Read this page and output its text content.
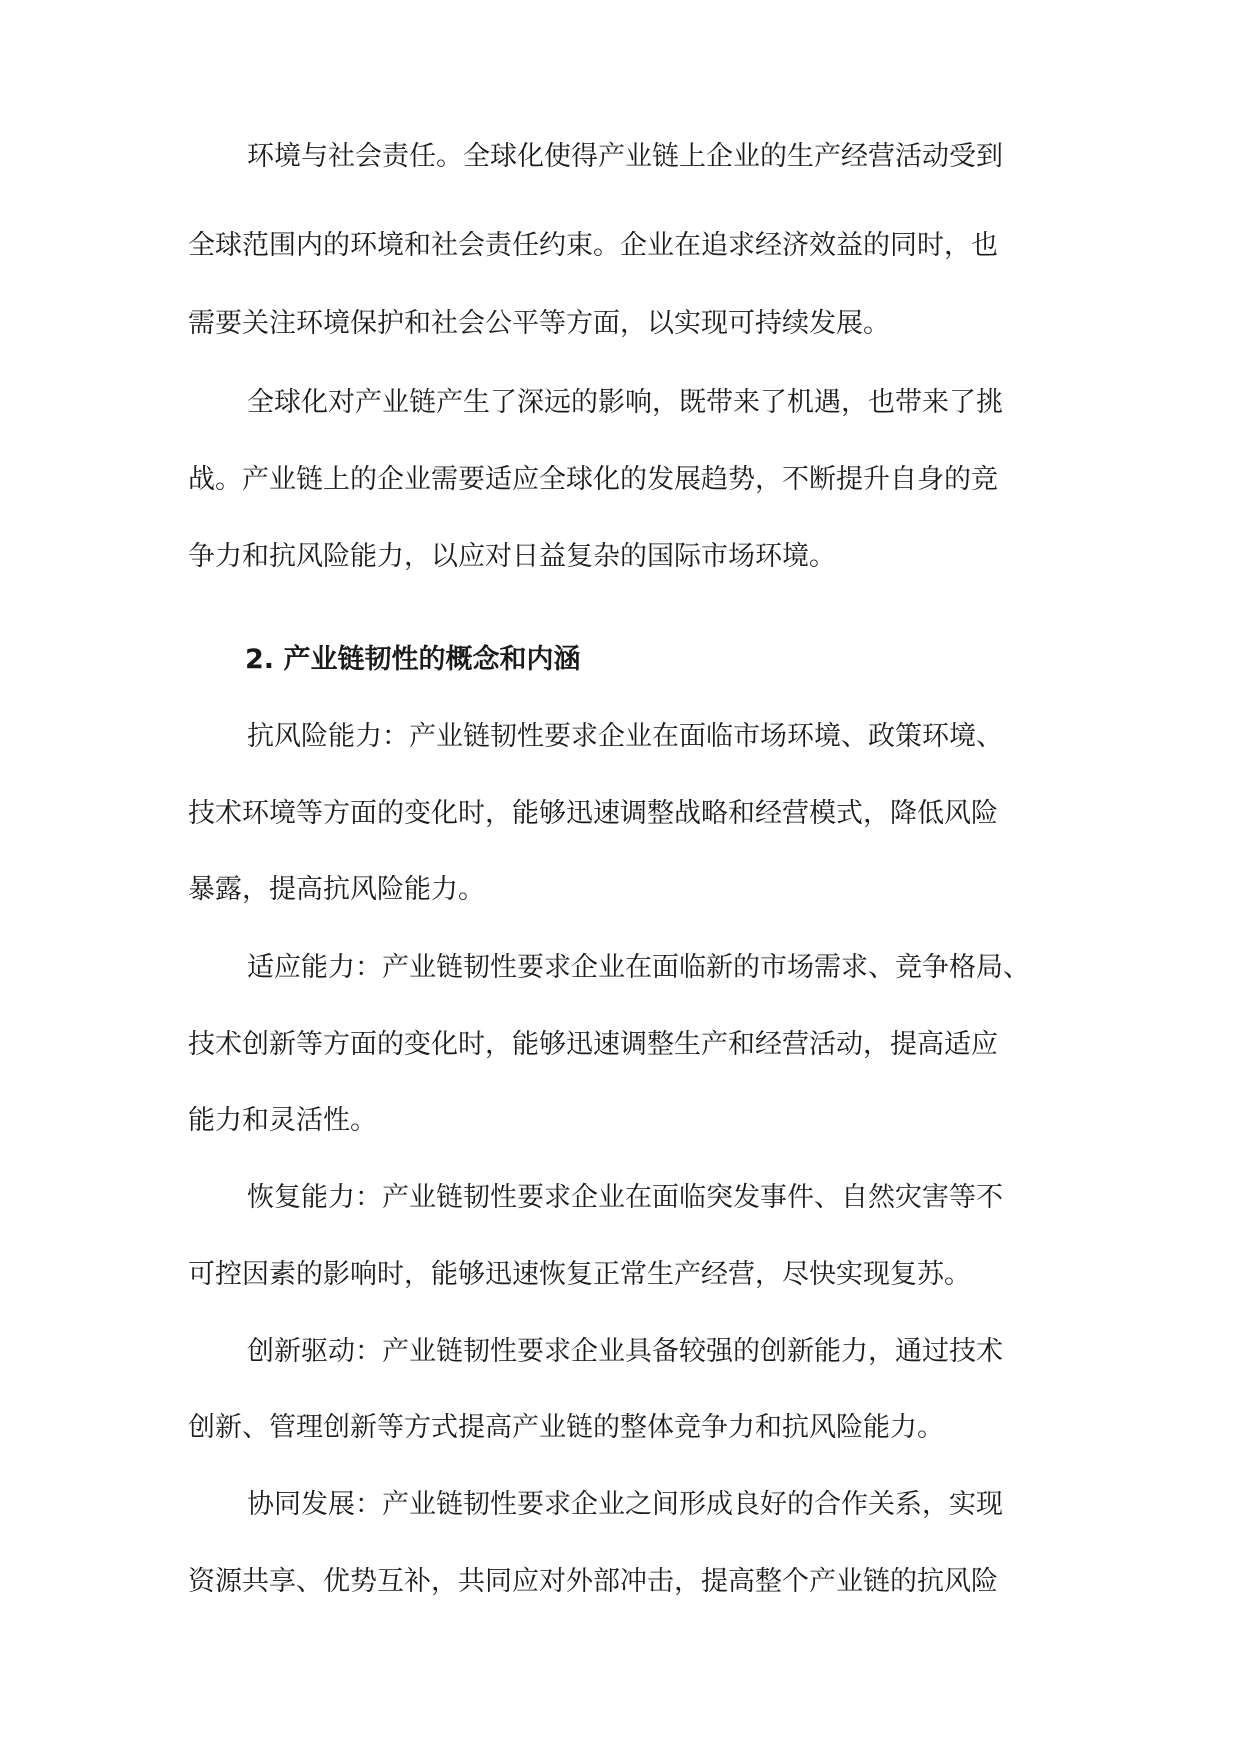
环境与社会责任。全球化使得产业链上企业的生产经营活动受到
全球范围内的环境和社会责任约束。企业在追求经济效益的同时，也
需要关注环境保护和社会公平等方面，以实现可持续发展。
全球化对产业链产生了深远的影响，既带来了机遇，也带来了挑
战。产业链上的企业需要适应全球化的发展趋势，不断提升自身的竞
争力和抗风险能力，以应对日益复杂的国际市场环境。
2. 产业链韧性的概念和内涵
抗风险能力：产业链韧性要求企业在面临市场环境、政策环境、
技术环境等方面的变化时，能够迅速调整战略和经营模式，降低风险
暴露，提高抗风险能力。
适应能力：产业链韧性要求企业在面临新的市场需求、竞争格局、
技术创新等方面的变化时，能够迅速调整生产和经营活动，提高适应
能力和灵活性。
恢复能力：产业链韧性要求企业在面临突发事件、自然灾害等不
可控因素的影响时，能够迅速恢复正常生产经营，尽快实现复苏。
创新驱动：产业链韧性要求企业具备较强的创新能力，通过技术
创新、管理创新等方式提高产业链的整体竞争力和抗风险能力。
协同发展：产业链韧性要求企业之间形成良好的合作关系，实现
资源共享、优势互补，共同应对外部冲击，提高整个产业链的抗风险
